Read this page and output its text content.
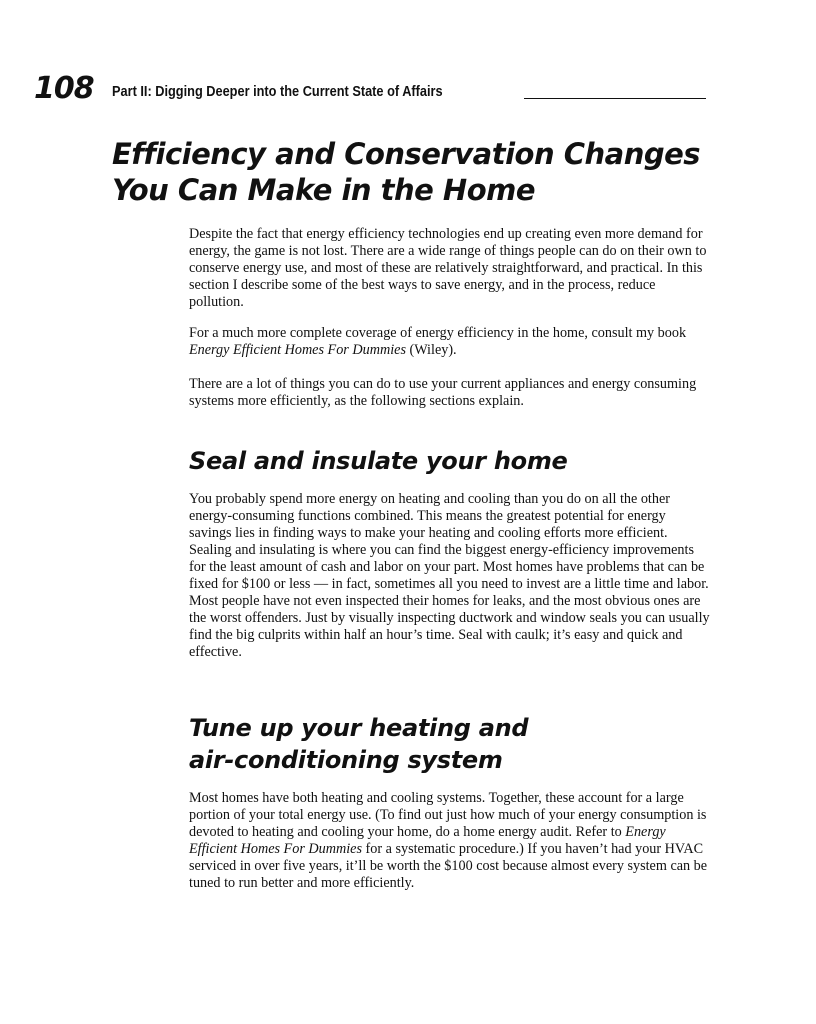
108 Part II: Digging Deeper into the Current State of Affairs
Efficiency and Conservation Changes
You Can Make in the Home

Despite the fact that energy efficiency technologies end up creating even more demand for energy, the game is not lost. There are a wide range of things people can do on their own to conserve energy use, and most of these are relatively straightforward, and practical. In this section I describe some of the best ways to save energy, and in the process, reduce pollution.

For a much more complete coverage of energy efficiency in the home, consult my book Energy Efficient Homes For Dummies (Wiley).

There are a lot of things you can do to use your current appliances and energy consuming systems more efficiently, as the following sections explain.

Seal and insulate your home

You probably spend more energy on heating and cooling than you do on all the other energy-consuming functions combined. This means the greatest potential for energy savings lies in finding ways to make your heating and cooling efforts more efficient. Sealing and insulating is where you can find the biggest energy-efficiency improvements for the least amount of cash and labor on your part. Most homes have problems that can be fixed for $100 or less — in fact, sometimes all you need to invest are a little time and labor. Most people have not even inspected their homes for leaks, and the most obvious ones are the worst offenders. Just by visually inspecting ductwork and window seals you can usually find the big culprits within half an hour’s time. Seal with caulk; it’s easy and quick and effective.

Tune up your heating and
air-conditioning system

Most homes have both heating and cooling systems. Together, these account for a large portion of your total energy use. (To find out just how much of your energy consumption is devoted to heating and cooling your home, do a home energy audit. Refer to Energy Efficient Homes For Dummies for a systematic procedure.) If you haven’t had your HVAC serviced in over five years, it’ll be worth the $100 cost because almost every system can be tuned to run better and more efficiently.
